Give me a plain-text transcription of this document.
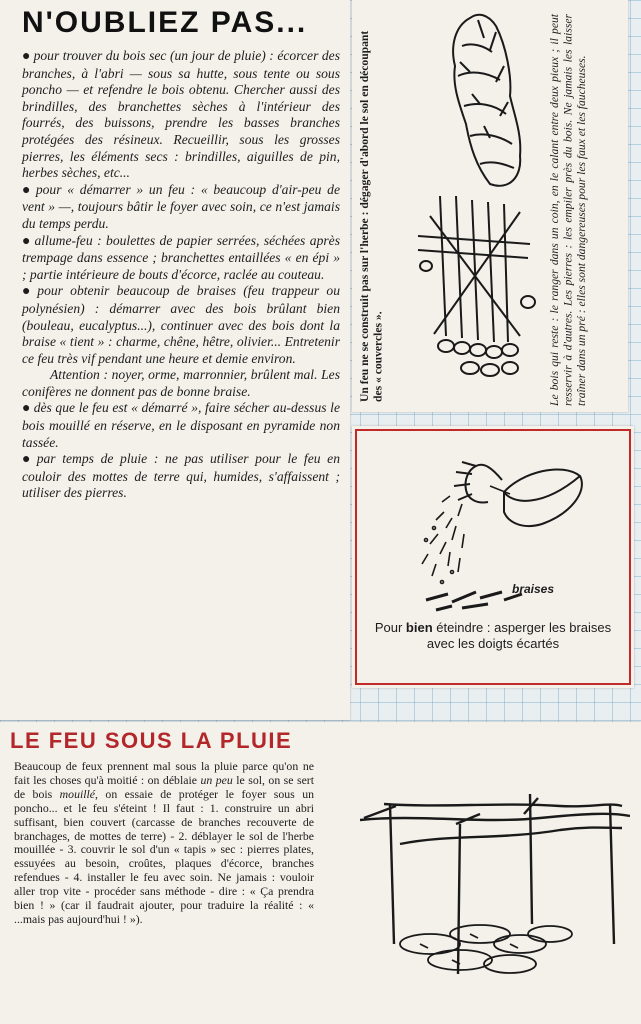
N'OUBLIEZ PAS...

● pour trouver du bois sec (un jour de pluie) : écorcer des branches, à l'abri — sous sa hutte, sous tente ou sous poncho — et refendre le bois obtenu. Chercher aussi des brindilles, des branchettes sèches à l'intérieur des fourrés, des buissons, prendre les basses branches protégées des résineux. Recueillir, sous les grosses pierres, les éléments secs : brindilles, aiguilles de pin, herbes sèches, etc...

● pour « démarrer » un feu : « beaucoup d'air-peu de vent » —, toujours bâtir le foyer avec soin, ce n'est jamais du temps perdu.

● allume-feu : boulettes de papier serrées, séchées après trempage dans essence ; branchettes entaillées « en épi » ; partie intérieure de bouts d'écorce, raclée au couteau.

● pour obtenir beaucoup de braises (feu trappeur ou polynésien) : démarrer avec des bois brûlant bien (bouleau, eucalyptus...), continuer avec des bois dont la braise « tient » : charme, chêne, hêtre, olivier... Entretenir ce feu très vif pendant une heure et demie environ.

Attention : noyer, orme, marronnier, brûlent mal. Les conifères ne donnent pas de bonne braise.

● dès que le feu est « démarré », faire sécher au-dessus le bois mouillé en réserve, en le disposant en pyramide non tassée.

● par temps de pluie : ne pas utiliser pour le feu en couloir des mottes de terre qui, humides, s'affaissent ; utiliser des pierres.

Un feu ne se construit pas sur l'herbe : dégager d'abord le sol en découpant des « couvercles ».	Le bois qui reste : le ranger dans un coin, en le calant entre deux pieux ; il peut resservir à d'autres. Les pierres : les empiler près du bois. Ne jamais les laisser traîner dans un pré : elles sont dangereuses pour les faux et les faucheuses.
braises
Pour bien éteindre : asperger les braises avec les doigts écartés
LE FEU SOUS LA PLUIE
Beaucoup de feux prennent mal sous la pluie parce qu'on ne fait les choses qu'à moitié : on déblaie un peu le sol, on se sert de bois mouillé, on essaie de protéger le foyer sous un poncho... et le feu s'éteint ! Il faut : 1. construire un abri suffisant, bien couvert (carcasse de branches recouverte de branchages, de mottes de terre) - 2. déblayer le sol de l'herbe mouillée - 3. couvrir le sol d'un « tapis » sec : pierres plates, essuyées au besoin, croûtes, plaques d'écorce, branches refendues - 4. installer le feu avec soin. Ne jamais : vouloir aller trop vite - procéder sans méthode - dire : « Ça prendra bien ! » (car il faudrait ajouter, pour traduire la réalité : « ...mais pas aujourd'hui ! »).
